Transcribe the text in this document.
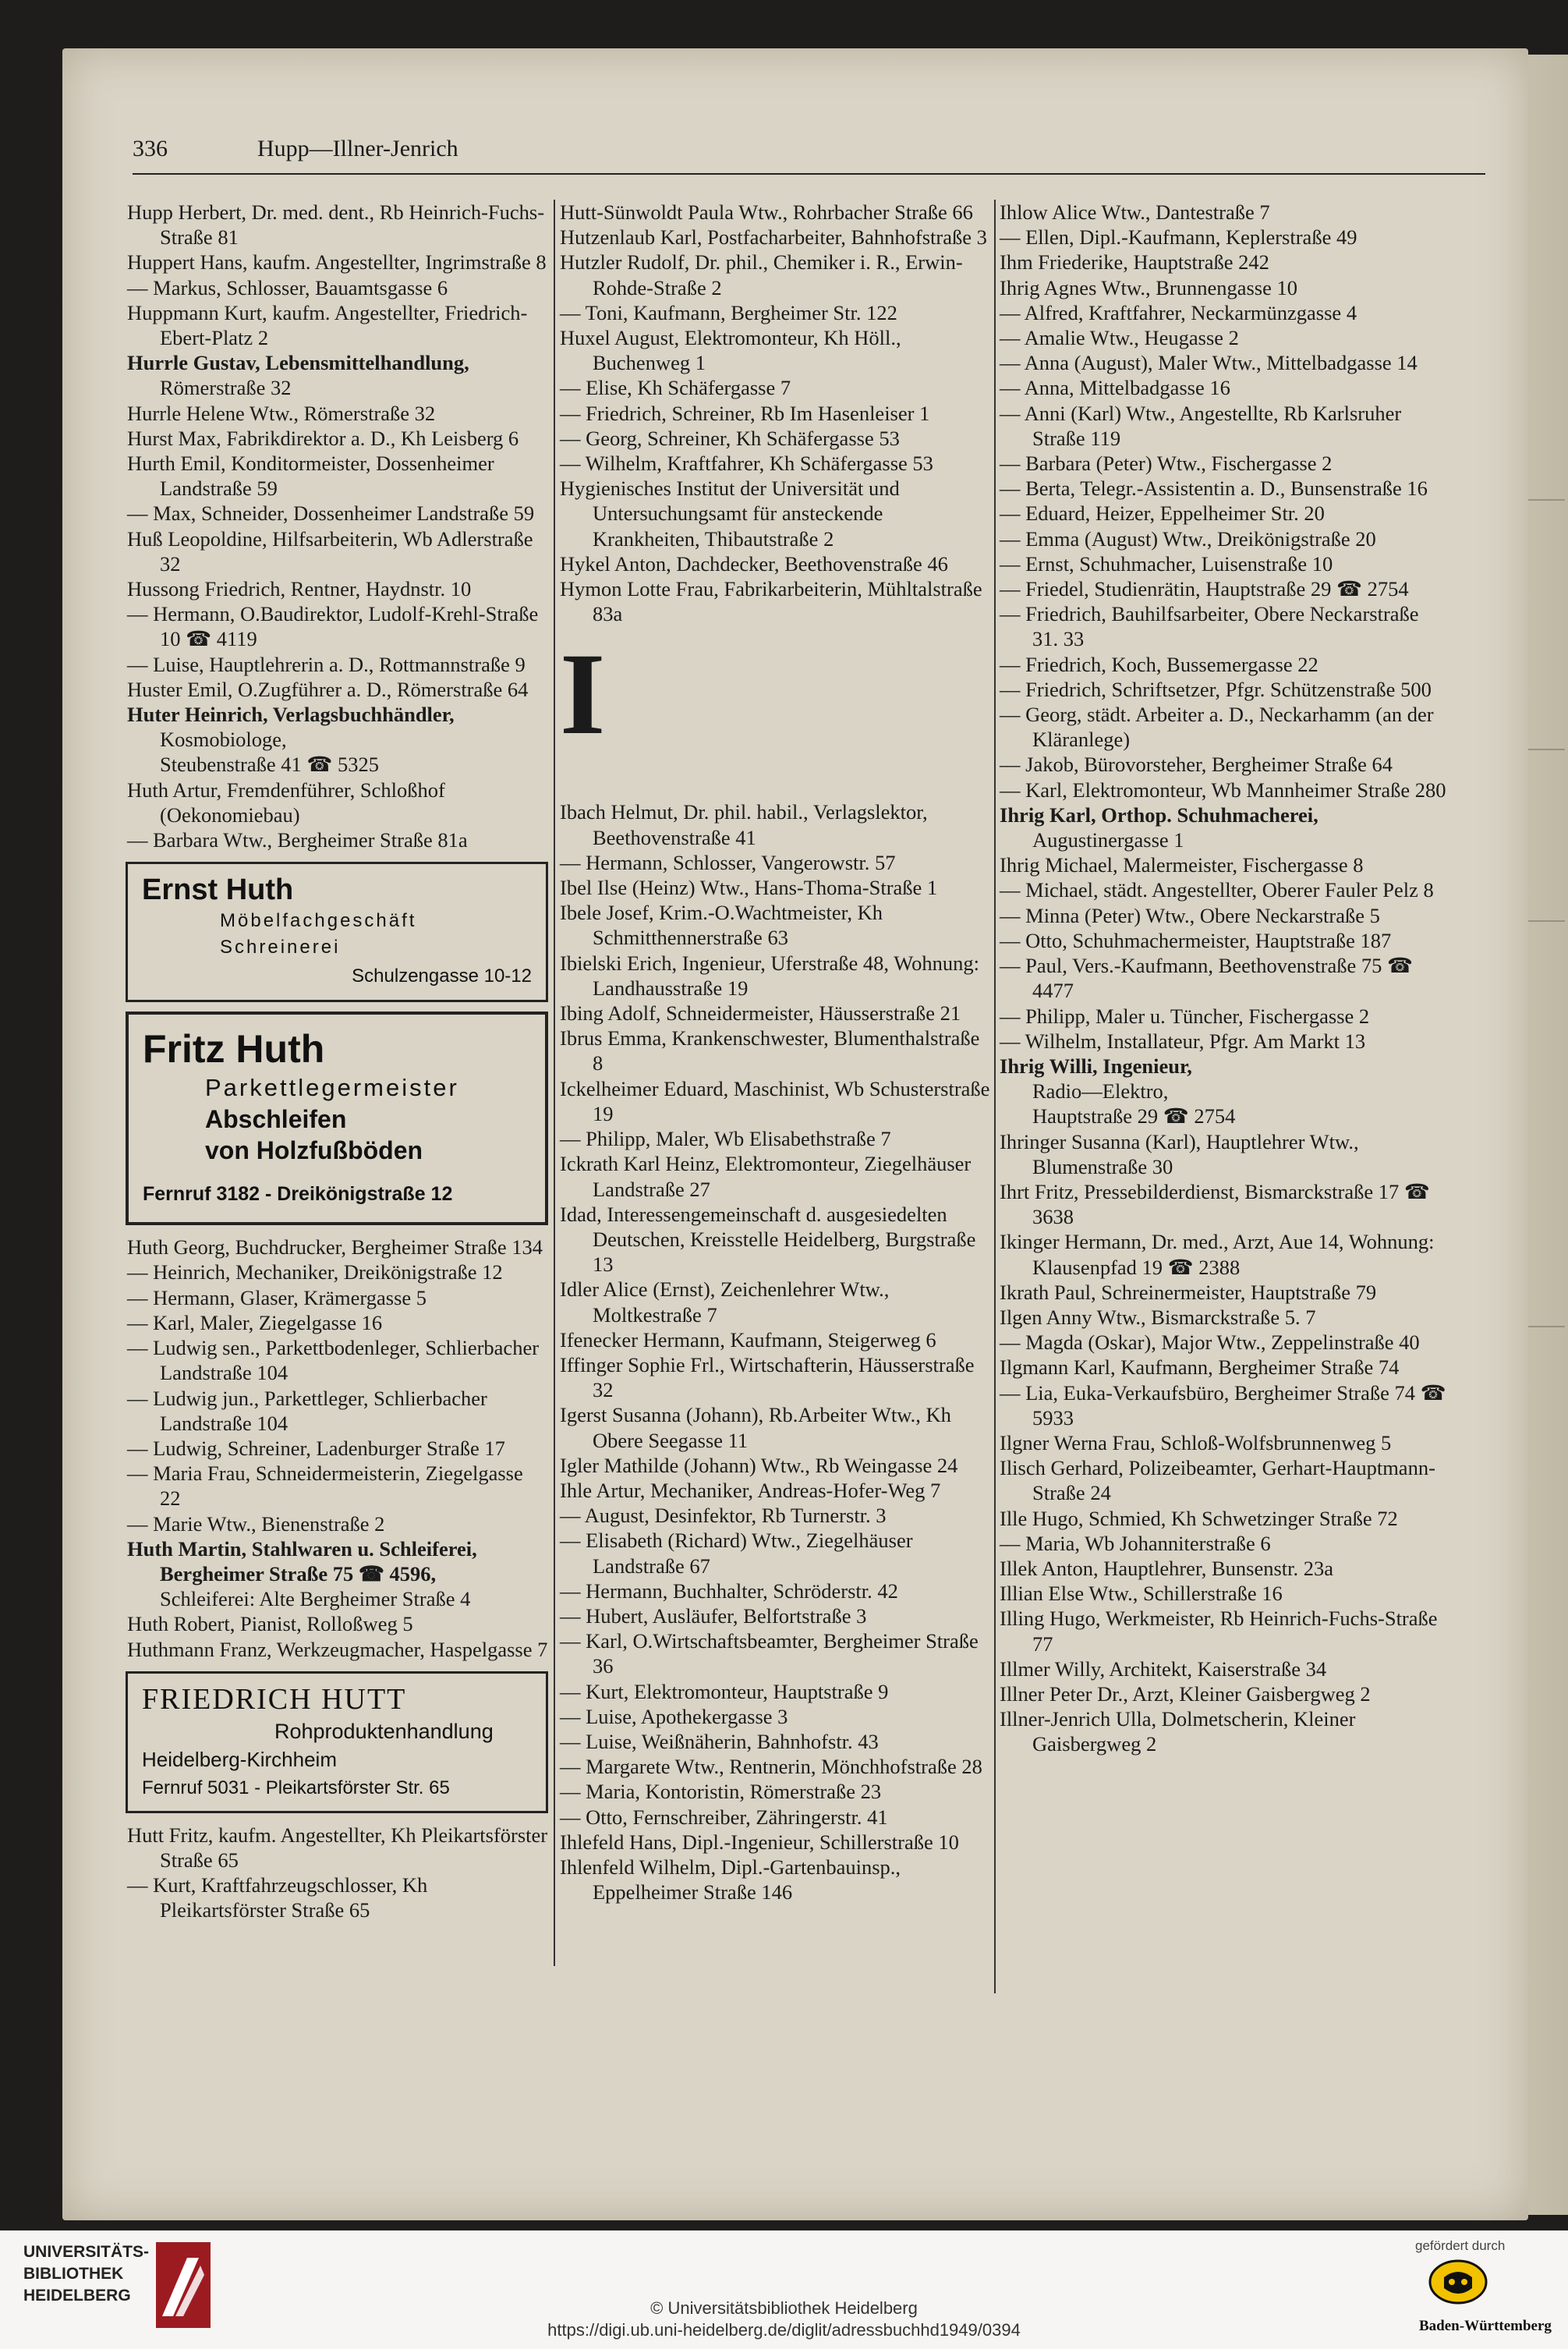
336	Hupp—Illner-Jenrich
Hupp Herbert, Dr. med. dent., Rb Heinrich-Fuchs-Straße 81
Huppert Hans, kaufm. Angestellter, Ingrimstraße 8
— Markus, Schlosser, Bauamtsgasse 6
Huppmann Kurt, kaufm. Angestellter, Friedrich-Ebert-Platz 2
Hurrle Gustav, Lebensmittelhandlung,
Römerstraße 32
Hurrle Helene Wtw., Römerstraße 32
Hurst Max, Fabrikdirektor a. D., Kh Leisberg 6
Hurth Emil, Konditormeister, Dossenheimer Landstraße 59
— Max, Schneider, Dossenheimer Landstraße 59
Huß Leopoldine, Hilfsarbeiterin, Wb Adlerstraße 32
Hussong Friedrich, Rentner, Haydnstr. 10
— Hermann, O.Baudirektor, Ludolf-Krehl-Straße 10 ☎ 4119
— Luise, Hauptlehrerin a. D., Rottmannstraße 9
Huster Emil, O.Zugführer a. D., Römerstraße 64
Huter Heinrich, Verlagsbuchhändler,
Kosmobiologe,
Steubenstraße 41 ☎ 5325
Huth Artur, Fremdenführer, Schloßhof (Oekonomiebau)
— Barbara Wtw., Bergheimer Straße 81a
Ernst Huth
Möbelfachgeschäft
Schreinerei
Schulzengasse 10-12
Fritz Huth
Parkettlegermeister
Abschleifen
von Holzfußböden
Fernruf 3182 - Dreikönigstraße 12
Huth Georg, Buchdrucker, Bergheimer Straße 134
— Heinrich, Mechaniker, Dreikönigstraße 12
— Hermann, Glaser, Krämergasse 5
— Karl, Maler, Ziegelgasse 16
— Ludwig sen., Parkettbodenleger, Schlierbacher Landstraße 104
— Ludwig jun., Parkettleger, Schlierbacher Landstraße 104
— Ludwig, Schreiner, Ladenburger Straße 17
— Maria Frau, Schneidermeisterin, Ziegelgasse 22
— Marie Wtw., Bienenstraße 2
Huth Martin, Stahlwaren u. Schleiferei,
Bergheimer Straße 75 ☎ 4596,
Schleiferei: Alte Bergheimer Straße 4
Huth Robert, Pianist, Rolloßweg 5
Huthmann Franz, Werkzeugmacher, Haspelgasse 7
FRIEDRICH HUTT
Rohproduktenhandlung
Heidelberg-Kirchheim
Fernruf 5031 - Pleikartsförster Str. 65
Hutt Fritz, kaufm. Angestellter, Kh Pleikartsförster Straße 65
— Kurt, Kraftfahrzeugschlosser, Kh Pleikartsförster Straße 65
Hutt-Sünwoldt Paula Wtw., Rohrbacher Straße 66
Hutzenlaub Karl, Postfacharbeiter, Bahnhofstraße 3
Hutzler Rudolf, Dr. phil., Chemiker i. R., Erwin-Rohde-Straße 2
— Toni, Kaufmann, Bergheimer Str. 122
Huxel August, Elektromonteur, Kh Höll., Buchenweg 1
— Elise, Kh Schäfergasse 7
— Friedrich, Schreiner, Rb Im Hasenleiser 1
— Georg, Schreiner, Kh Schäfergasse 53
— Wilhelm, Kraftfahrer, Kh Schäfergasse 53
Hygienisches Institut der Universität und Untersuchungsamt für ansteckende Krankheiten, Thibautstraße 2
Hykel Anton, Dachdecker, Beethovenstraße 46
Hymon Lotte Frau, Fabrikarbeiterin, Mühltalstraße 83a
I
Ibach Helmut, Dr. phil. habil., Verlagslektor,
Beethovenstraße 41
— Hermann, Schlosser, Vangerowstr. 57
Ibel Ilse (Heinz) Wtw., Hans-Thoma-Straße 1
Ibele Josef, Krim.-O.Wachtmeister, Kh Schmitthennerstraße 63
Ibielski Erich, Ingenieur, Uferstraße 48, Wohnung: Landhausstraße 19
Ibing Adolf, Schneidermeister, Häusserstraße 21
Ibrus Emma, Krankenschwester, Blumenthalstraße 8
Ickelheimer Eduard, Maschinist, Wb Schusterstraße 19
— Philipp, Maler, Wb Elisabethstraße 7
Ickrath Karl Heinz, Elektromonteur, Ziegelhäuser Landstraße 27
Idad, Interessengemeinschaft d. ausgesiedelten Deutschen, Kreisstelle Heidelberg, Burgstraße 13
Idler Alice (Ernst), Zeichenlehrer Wtw., Moltkestraße 7
Ifenecker Hermann, Kaufmann, Steigerweg 6
Iffinger Sophie Frl., Wirtschafterin, Häusserstraße 32
Igerst Susanna (Johann), Rb.Arbeiter Wtw., Kh Obere Seegasse 11
Igler Mathilde (Johann) Wtw., Rb Weingasse 24
Ihle Artur, Mechaniker, Andreas-Hofer-Weg 7
— August, Desinfektor, Rb Turnerstr. 3
— Elisabeth (Richard) Wtw., Ziegelhäuser Landstraße 67
— Hermann, Buchhalter, Schröderstr. 42
— Hubert, Ausläufer, Belfortstraße 3
— Karl, O.Wirtschaftsbeamter, Bergheimer Straße 36
— Kurt, Elektromonteur, Hauptstraße 9
— Luise, Apothekergasse 3
— Luise, Weißnäherin, Bahnhofstr. 43
— Margarete Wtw., Rentnerin, Mönchhofstraße 28
— Maria, Kontoristin, Römerstraße 23
— Otto, Fernschreiber, Zähringerstr. 41
Ihlefeld Hans, Dipl.-Ingenieur, Schillerstraße 10
Ihlenfeld Wilhelm, Dipl.-Gartenbauinsp., Eppelheimer Straße 146
Ihlow Alice Wtw., Dantestraße 7
— Ellen, Dipl.-Kaufmann, Keplerstraße 49
Ihm Friederike, Hauptstraße 242
Ihrig Agnes Wtw., Brunnengasse 10
— Alfred, Kraftfahrer, Neckarmünzgasse 4
— Amalie Wtw., Heugasse 2
— Anna (August), Maler Wtw., Mittelbadgasse 14
— Anna, Mittelbadgasse 16
— Anni (Karl) Wtw., Angestellte, Rb Karlsruher Straße 119
— Barbara (Peter) Wtw., Fischergasse 2
— Berta, Telegr.-Assistentin a. D., Bunsenstraße 16
— Eduard, Heizer, Eppelheimer Str. 20
— Emma (August) Wtw., Dreikönigstraße 20
— Ernst, Schuhmacher, Luisenstraße 10
— Friedel, Studienrätin, Hauptstraße 29 ☎ 2754
— Friedrich, Bauhilfsarbeiter, Obere Neckarstraße 31. 33
— Friedrich, Koch, Bussemergasse 22
— Friedrich, Schriftsetzer, Pfgr. Schützenstraße 500
— Georg, städt. Arbeiter a. D., Neckarhamm (an der Kläranlege)
— Jakob, Bürovorsteher, Bergheimer Straße 64
— Karl, Elektromonteur, Wb Mannheimer Straße 280
Ihrig Karl, Orthop. Schuhmacherei,
Augustinergasse 1
Ihrig Michael, Malermeister, Fischergasse 8
— Michael, städt. Angestellter, Oberer Fauler Pelz 8
— Minna (Peter) Wtw., Obere Neckarstraße 5
— Otto, Schuhmachermeister, Hauptstraße 187
— Paul, Vers.-Kaufmann, Beethovenstraße 75 ☎ 4477
— Philipp, Maler u. Tüncher, Fischergasse 2
— Wilhelm, Installateur, Pfgr. Am Markt 13
Ihrig Willi, Ingenieur,
Radio—Elektro,
Hauptstraße 29 ☎ 2754
Ihringer Susanna (Karl), Hauptlehrer Wtw., Blumenstraße 30
Ihrt Fritz, Pressebilderdienst, Bismarckstraße 17 ☎ 3638
Ikinger Hermann, Dr. med., Arzt, Aue 14, Wohnung: Klausenpfad 19 ☎ 2388
Ikrath Paul, Schreinermeister, Hauptstraße 79
Ilgen Anny Wtw., Bismarckstraße 5. 7
— Magda (Oskar), Major Wtw., Zeppelinstraße 40
Ilgmann Karl, Kaufmann, Bergheimer Straße 74
— Lia, Euka-Verkaufsbüro, Bergheimer Straße 74 ☎ 5933
Ilgner Werna Frau, Schloß-Wolfsbrunnenweg 5
Ilisch Gerhard, Polizeibeamter, Gerhart-Hauptmann-Straße 24
Ille Hugo, Schmied, Kh Schwetzinger Straße 72
— Maria, Wb Johanniterstraße 6
Illek Anton, Hauptlehrer, Bunsenstr. 23a
Illian Else Wtw., Schillerstraße 16
Illing Hugo, Werkmeister, Rb Heinrich-Fuchs-Straße 77
Illmer Willy, Architekt, Kaiserstraße 34
Illner Peter Dr., Arzt, Kleiner Gaisbergweg 2
Illner-Jenrich Ulla, Dolmetscherin, Kleiner Gaisbergweg 2
UNIVERSITÄTS-
BIBLIOTHEK
HEIDELBERG
© Universitätsbibliothek Heidelberg
https://digi.ub.uni-heidelberg.de/diglit/adressbuchhd1949/0394
gefördert durch
Baden-Württemberg
